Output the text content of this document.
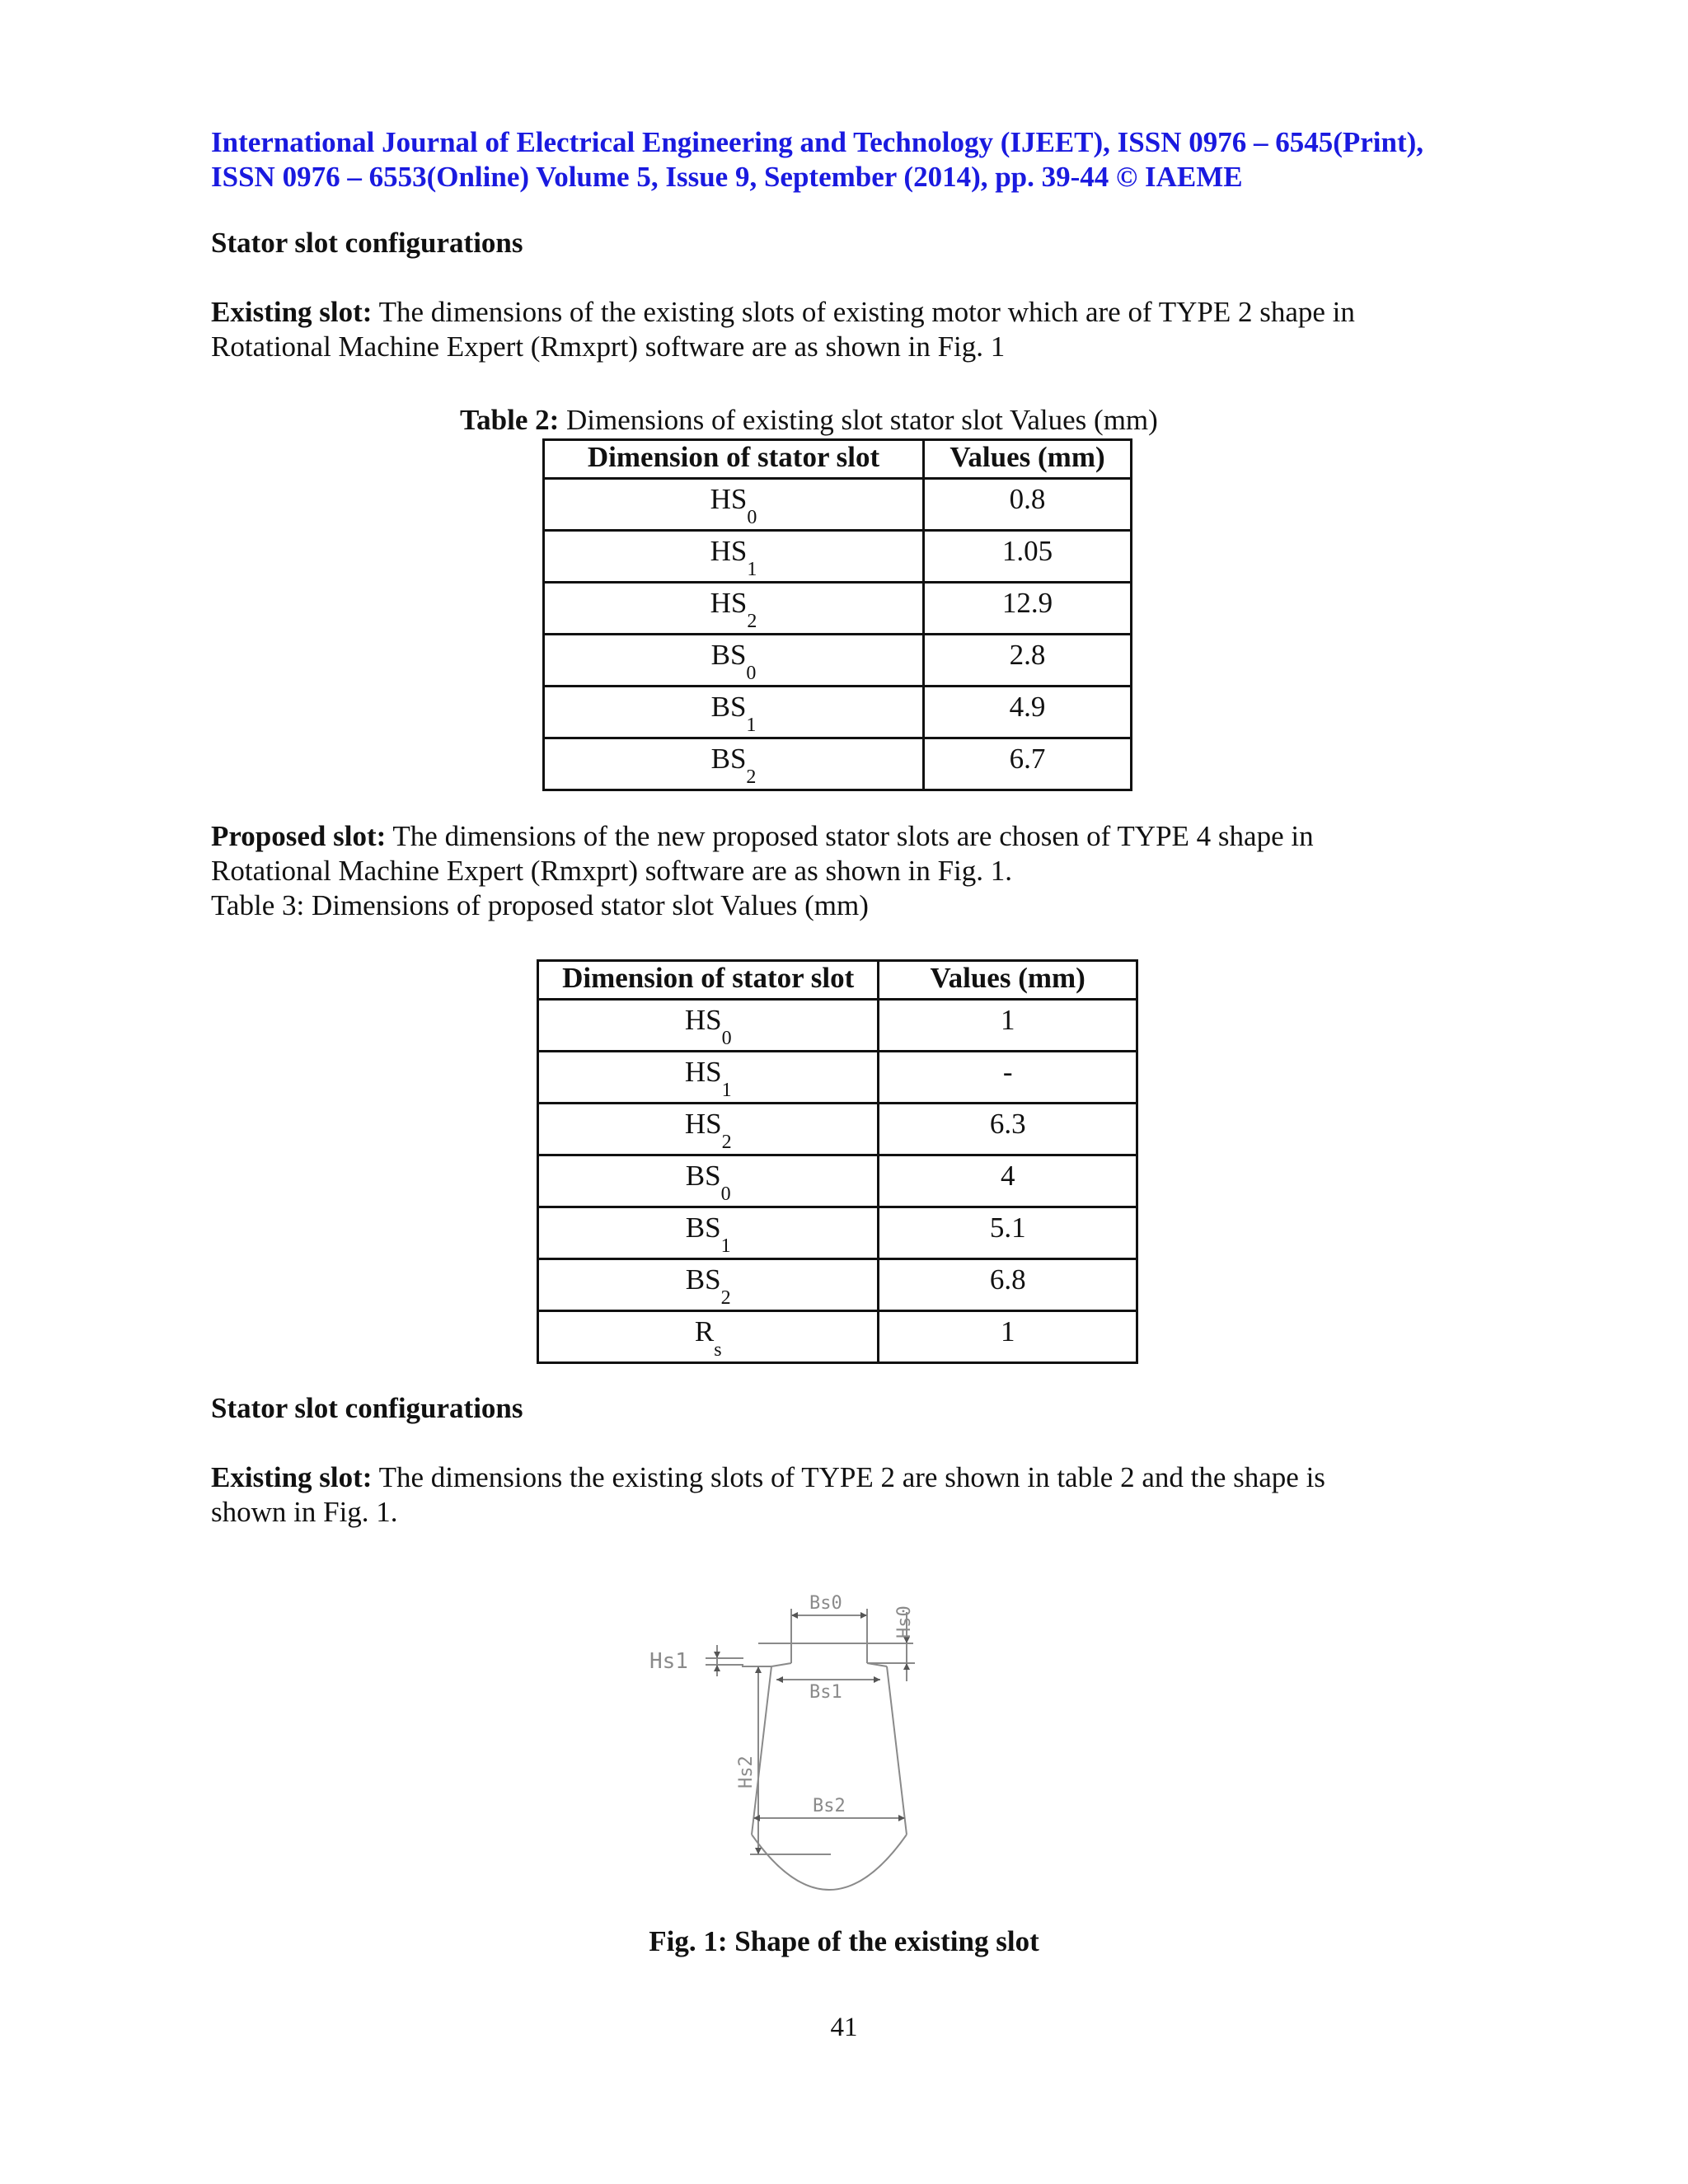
International Journal of Electrical Engineering and Technology (IJEET), ISSN 0976 – 6545(Print),
ISSN 0976 – 6553(Online) Volume 5, Issue 9, September (2014), pp. 39-44 © IAEME
Stator slot configurations
Existing slot: The dimensions of the existing slots of existing motor which are of TYPE 2 shape in
Rotational Machine Expert (Rmxprt) software are as shown in Fig. 1
Table 2: Dimensions of existing slot stator slot Values (mm)
Dimension of stator slot	Values (mm)
$HS_0$	0.8
$HS_1$	1.05
$HS_2$	12.9
$BS_0$	2.8
$BS_1$	4.9
$BS_2$	6.7
Proposed slot: The dimensions of the new proposed stator slots are chosen of TYPE 4 shape in
Rotational Machine Expert (Rmxprt) software are as shown in Fig. 1.
Table 3: Dimensions of proposed stator slot Values (mm)
Dimension of stator slot	Values (mm)
$HS_0$	1
$HS_1$	-
$HS_2$	6.3
$BS_0$	4
$BS_1$	5.1
$BS_2$	6.8
$R_s$	1
Stator slot configurations
Existing slot: The dimensions the existing slots of TYPE 2 are shown in table 2 and the shape is
shown in Fig. 1.
Bs0
Hs0
Hs1
Bs1
Hs2
Bs2
Fig. 1: Shape of the existing slot
41
